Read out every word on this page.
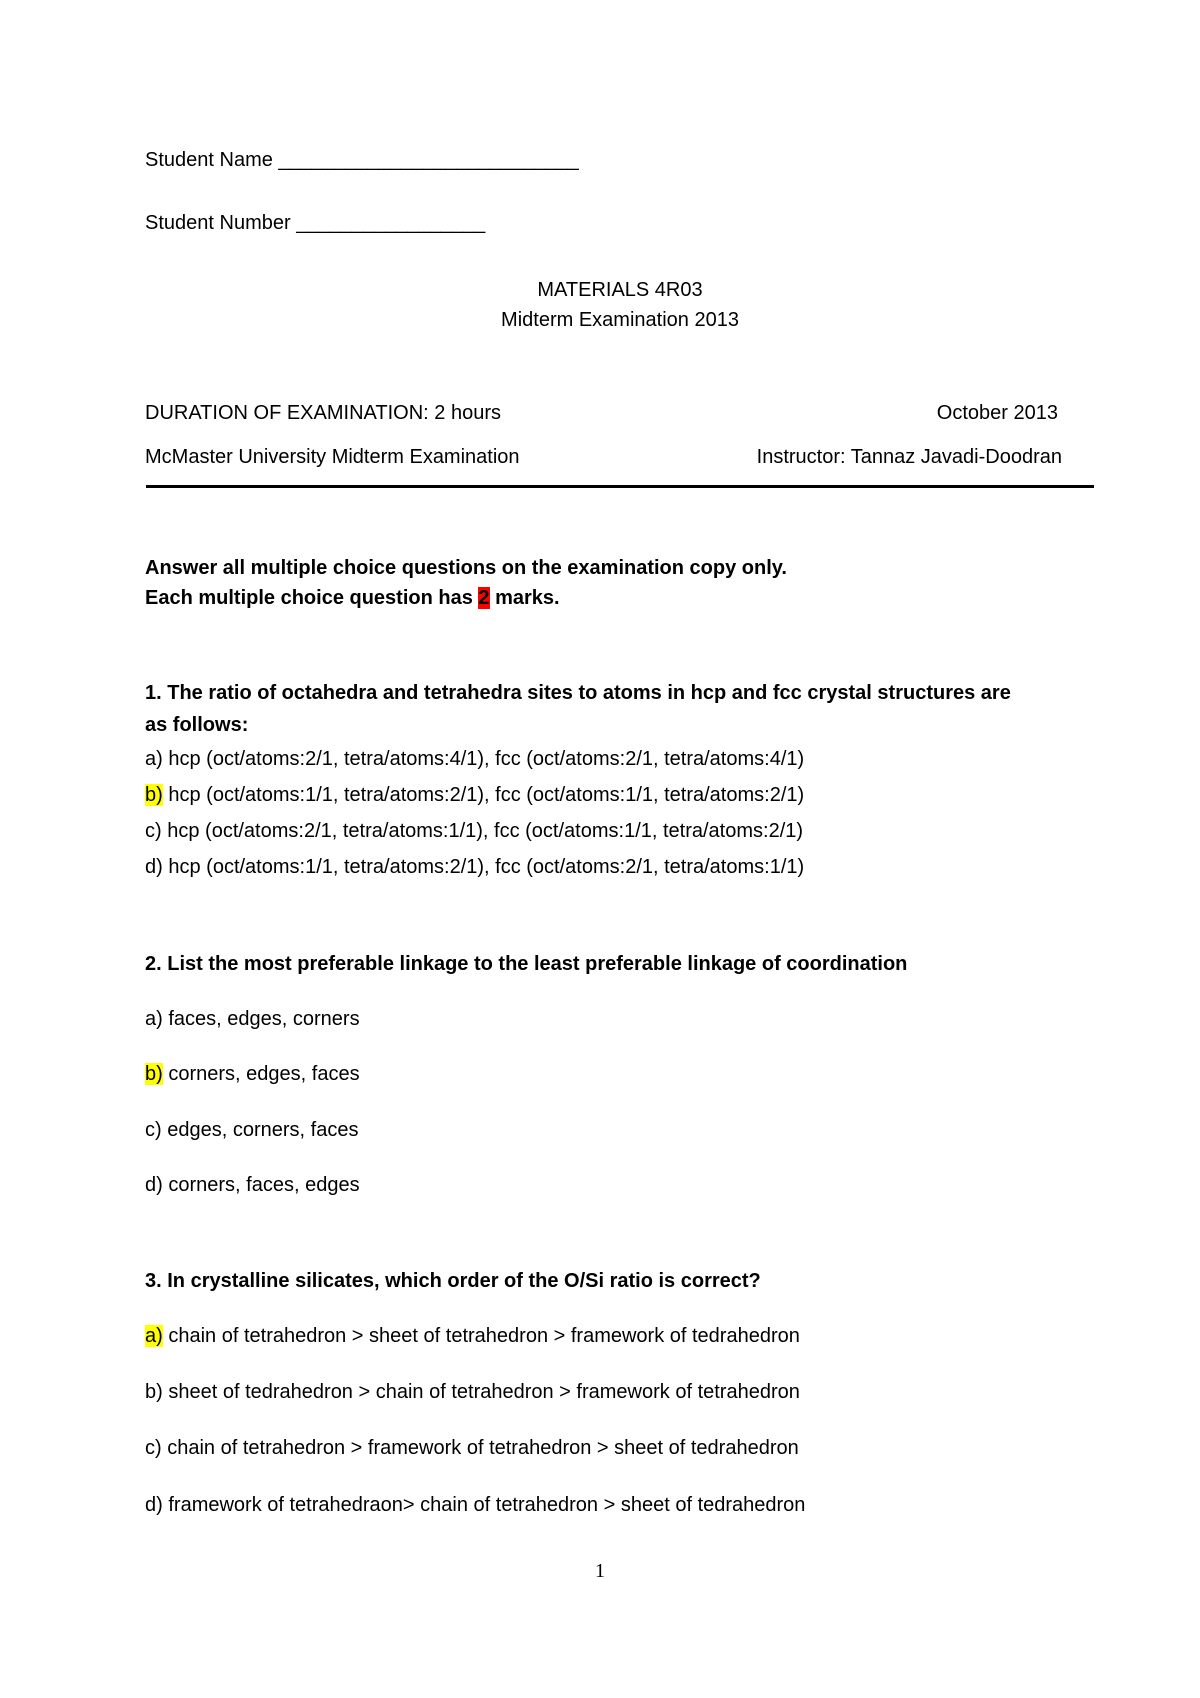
Student Name ___________________________
Student Number _________________
MATERIALS 4R03
Midterm Examination 2013
DURATION OF EXAMINATION: 2 hours	October 2013
McMaster University Midterm Examination	Instructor: Tannaz Javadi-Doodran
Answer all multiple choice questions on the examination copy only.
Each multiple choice question has 2 marks.
1. The ratio of octahedra and tetrahedra sites to atoms in hcp and fcc crystal structures are
as follows:
a) hcp (oct/atoms:2/1, tetra/atoms:4/1), fcc (oct/atoms:2/1, tetra/atoms:4/1)
b) hcp (oct/atoms:1/1, tetra/atoms:2/1), fcc (oct/atoms:1/1, tetra/atoms:2/1)
c) hcp (oct/atoms:2/1, tetra/atoms:1/1), fcc (oct/atoms:1/1, tetra/atoms:2/1)
d) hcp (oct/atoms:1/1, tetra/atoms:2/1), fcc (oct/atoms:2/1, tetra/atoms:1/1)
2. List the most preferable linkage to the least preferable linkage of coordination
a) faces, edges, corners
b) corners, edges, faces
c) edges, corners, faces
d) corners, faces, edges
3. In crystalline silicates, which order of the O/Si ratio is correct?
a) chain of tetrahedron > sheet of tetrahedron > framework of tedrahedron
b) sheet of tedrahedron > chain of tetrahedron > framework of tetrahedron
c) chain of tetrahedron > framework of tetrahedron > sheet of tedrahedron
d) framework of tetrahedraon> chain of tetrahedron > sheet of tedrahedron
1
